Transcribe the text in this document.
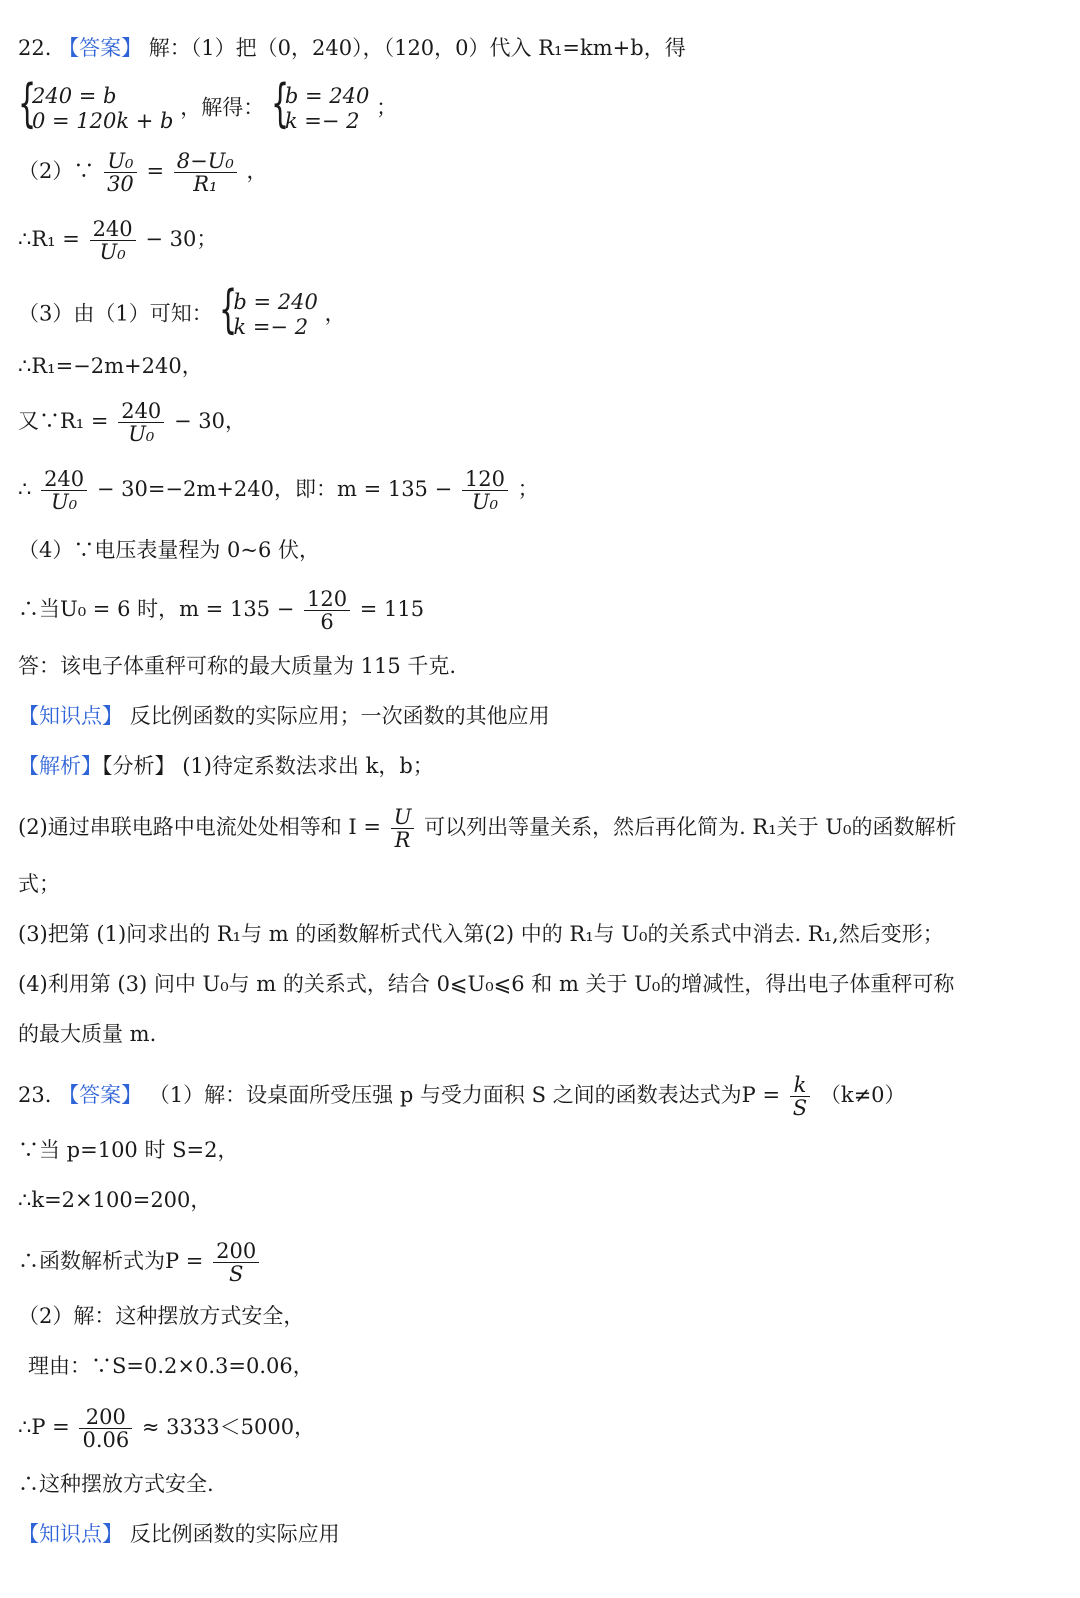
22. 【答案】 解：（1）把（0，240），（120，0）代入 R₁=km+b，得
{
240 = b
0 = 120k + b
，解得： {
b = 240
k =− 2
；
（2）∵ $\frac{\text{U₀}}{30} = \frac{\text{8−U₀}}{\text{R₁}}$ ，
∴R₁ = $\frac{240}{\text{U₀}} - 30$；
（3）由（1）可知： {
b = 240
k =− 2
，
∴R₁=−2m+240，
又∵R₁ = $\frac{240}{\text{U₀}} - 30$，
∴ $\frac{240}{\text{U₀}} - 30=-2m+240$，即：$m = 135 - \frac{120}{\text{U₀}}$ ；
（4）∵电压表量程为 0~6 伏，
∴当U₀ = 6 时，$m = 135 - \frac{120}{6} = 115$
答：该电子体重秤可称的最大质量为 115 千克.
【知识点】 反比例函数的实际应用；一次函数的其他应用
【解析】【分析】 (1)待定系数法求出 k，b；
(2)通过串联电路中电流处处相等和 $I = \frac{U}{R}$ 可以列出等量关系，然后再化简为. R₁关于 U₀的函数解析
式；
(3)把第 (1)问求出的 R₁与 m 的函数解析式代入第(2) 中的 R₁与 U₀的关系式中消去. R₁,然后变形；
(4)利用第 (3) 问中 U₀与 m 的关系式，结合 0⩽U₀⩽6 和 m 关于 U₀的增减性，得出电子体重秤可称
的最大质量 m.
23. 【答案】 （1）解：设桌面所受压强 p 与受力面积 S 之间的函数表达式为$P = \frac{k}{S} (k\ne 0)$
∵当 p=100 时 S=2，
∴k=2×100=200，
∴函数解析式为$P = \frac{200}{S}$
（2）解：这种摆放方式安全，
理由：∵S=0.2×0.3=0.06，
∴P = $\frac{200}{0.06} \approx 3333<5000$，
∴这种摆放方式安全.
【知识点】 反比例函数的实际应用
